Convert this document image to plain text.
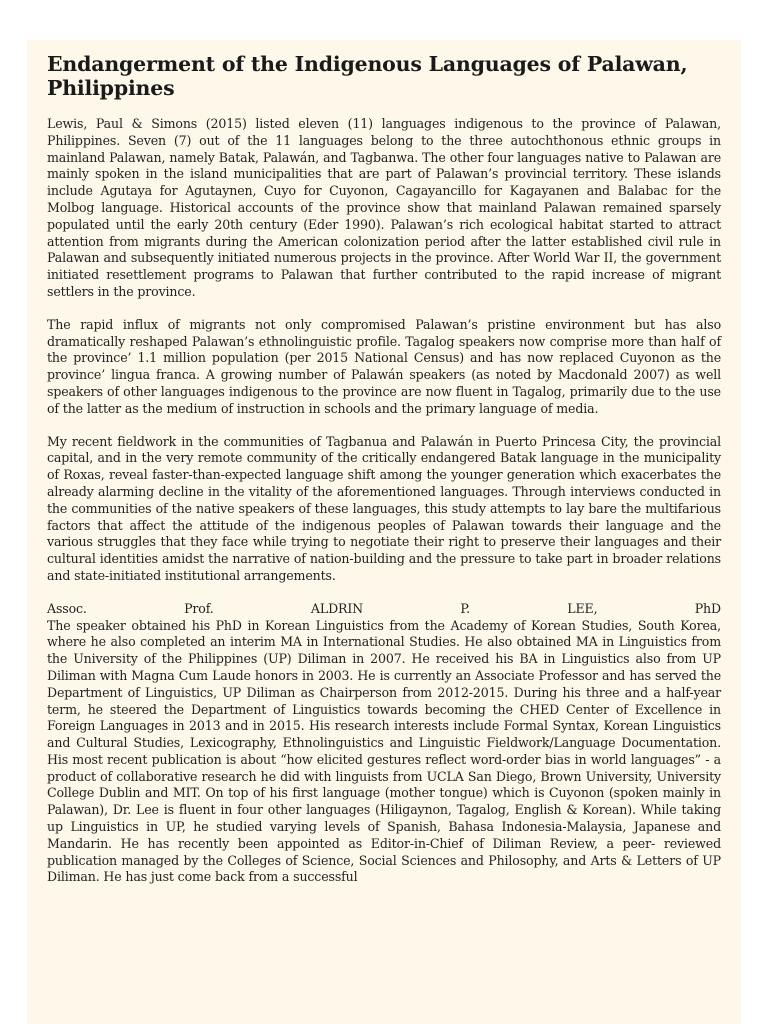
Endangerment of the Indigenous Languages of Palawan, Philippines

Lewis, Paul & Simons (2015) listed eleven (11) languages indigenous to the province of Palawan, Philippines. Seven (7) out of the 11 languages belong to the three autochthonous ethnic groups in mainland Palawan, namely Batak, Palawán, and Tagbanwa. The other four languages native to Palawan are mainly spoken in the island municipalities that are part of Palawan’s provincial territory. These islands include Agutaya for Agutaynen, Cuyo for Cuyonon, Cagayancillo for Kagayanen and Balabac for the Molbog language. Historical accounts of the province show that mainland Palawan remained sparsely populated until the early 20th century (Eder 1990). Palawan’s rich ecological habitat started to attract attention from migrants during the American colonization period after the latter established civil rule in Palawan and subsequently initiated numerous projects in the province. After World War II, the government initiated resettlement programs to Palawan that further contributed to the rapid increase of migrant settlers in the province.

The rapid influx of migrants not only compromised Palawan’s pristine environment but has also dramatically reshaped Palawan’s ethnolinguistic profile. Tagalog speakers now comprise more than half of the province’ 1.1 million population (per 2015 National Census) and has now replaced Cuyonon as the province’ lingua franca. A growing number of Palawán speakers (as noted by Macdonald 2007) as well speakers of other languages indigenous to the province are now fluent in Tagalog, primarily due to the use of the latter as the medium of instruction in schools and the primary language of media.

My recent fieldwork in the communities of Tagbanua and Palawán in Puerto Princesa City, the provincial capital, and in the very remote community of the critically endangered Batak language in the municipality of Roxas, reveal faster-than-expected language shift among the younger generation which exacerbates the already alarming decline in the vitality of the aforementioned languages. Through interviews conducted in the communities of the native speakers of these languages, this study attempts to lay bare the multifarious factors that affect the attitude of the indigenous peoples of Palawan towards their language and the various struggles that they face while trying to negotiate their right to preserve their languages and their cultural identities amidst the narrative of nation-building and the pressure to take part in broader relations and state-initiated institutional arrangements.

Assoc.	Prof.	ALDRIN	P.	LEE,	PhD

The speaker obtained his PhD in Korean Linguistics from the Academy of Korean Studies, South Korea, where he also completed an interim MA in International Studies. He also obtained MA in Linguistics from the University of the Philippines (UP) Diliman in 2007. He received his BA in Linguistics also from UP Diliman with Magna Cum Laude honors in 2003. He is currently an Associate Professor and has served the Department of Linguistics, UP Diliman as Chairperson from 2012-2015. During his three and a half-year term, he steered the Department of Linguistics towards becoming the CHED Center of Excellence in Foreign Languages in 2013 and in 2015. His research interests include Formal Syntax, Korean Linguistics and Cultural Studies, Lexicography, Ethnolinguistics and Linguistic Fieldwork/Language Documentation. His most recent publication is about “how elicited gestures reflect word-order bias in world languages” - a product of collaborative research he did with linguists from UCLA San Diego, Brown University, University College Dublin and MIT. On top of his first language (mother tongue) which is Cuyonon (spoken mainly in Palawan), Dr. Lee is fluent in four other languages (Hiligaynon, Tagalog, English & Korean). While taking up Linguistics in UP, he studied varying levels of Spanish, Bahasa Indonesia-Malaysia, Japanese and Mandarin. He has recently been appointed as Editor-in-Chief of Diliman Review, a peer- reviewed publication managed by the Colleges of Science, Social Sciences and Philosophy, and Arts & Letters of UP Diliman. He has just come back from a successful
